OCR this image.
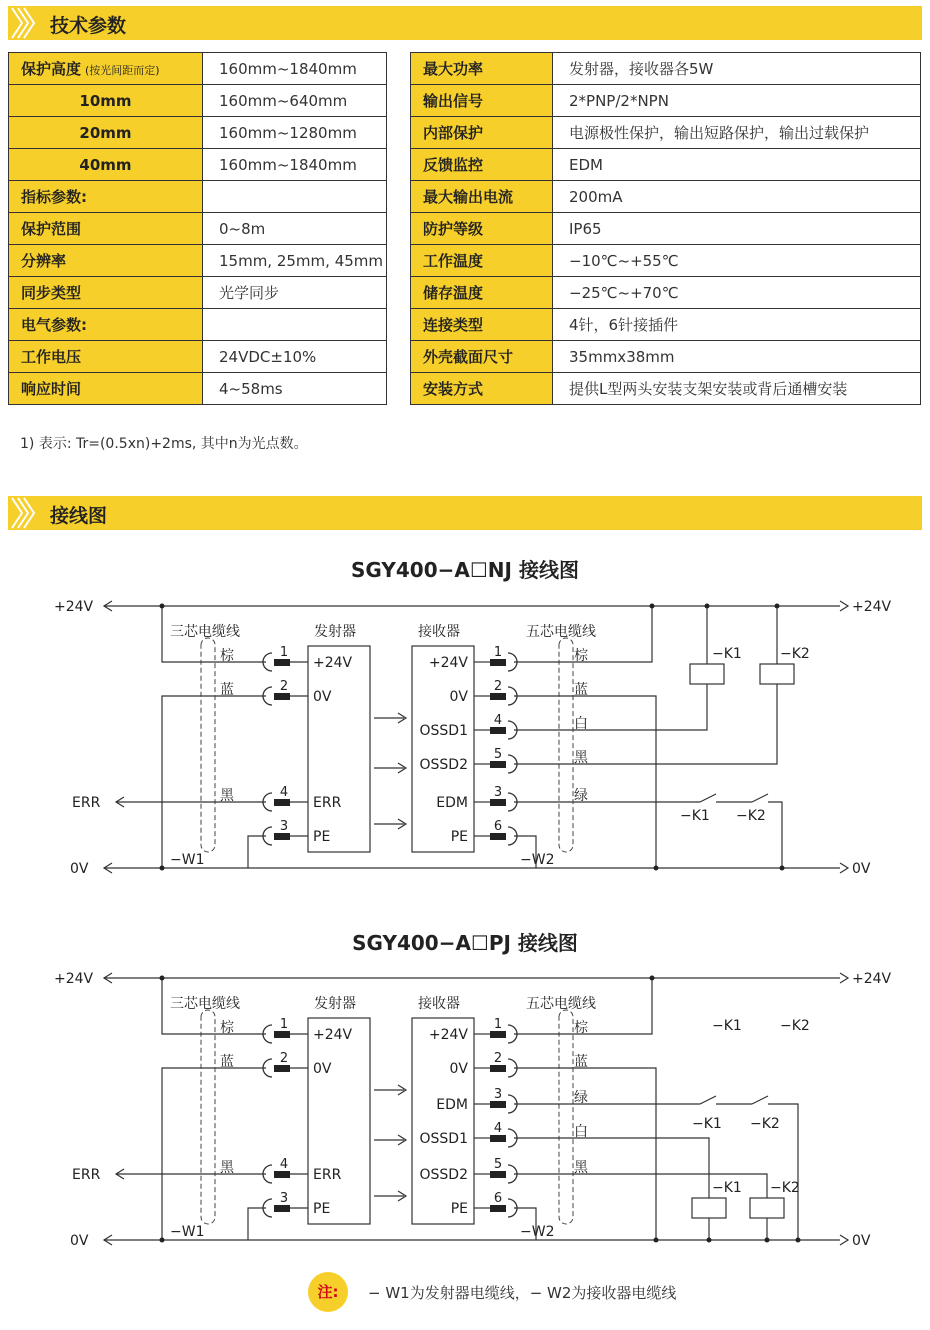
技术参数
保护高度 (按光间距而定)	160mm~1840mm
10mm	160mm~640mm
20mm	160mm~1280mm
40mm	160mm~1840mm
指标参数:	
保护范围	0~8m
分辨率	15mm, 25mm, 45mm
同步类型	光学同步
电气参数:	
工作电压	24VDC±10%
响应时间	4~58ms
最大功率	发射器，接收器各5W
输出信号	2*PNP/2*NPN
内部保护	电源极性保护，输出短路保护，输出过载保护
反馈监控	EDM
最大输出电流	200mA
防护等级	IP65
工作温度	−10℃~+55℃
储存温度	−25℃~+70℃
连接类型	4针，6针接插件
外壳截面尺寸	35mmx38mm
安装方式	提供L型两头安装支架安装或背后通槽安装
1) 表示: Tr=(0.5xn)+2ms, 其中n为光点数。
接线图
SGY400−A☐NJ 接线图
+24V	+24V
0V	0V
三芯电缆线	发射器	接收器	五芯电缆线
−W1	−W2
1
+24V
棕
2
0V
蓝
4
ERR
黑
3
PE
ERR
1
+24V	棕
2
0V	蓝
4
OSSD1	白
5
OSSD2	黑
3
EDM	绿
6
PE
−K1	−K2
−K1 −K2
SGY400−A☐PJ 接线图
+24V	+24V
0V	0V
三芯电缆线	发射器	接收器	五芯电缆线
−W1	−W2
1
+24V
棕
2
0V
蓝
4
ERR
黑
3
PE
ERR
1
+24V	棕
2
0V	蓝
3
EDM	绿
4
OSSD1	白
5
OSSD2	黑
6
PE
−K1	−K2
−K1 −K2
−K1 −K2
注:	− W1为发射器电缆线，− W2为接收器电缆线
